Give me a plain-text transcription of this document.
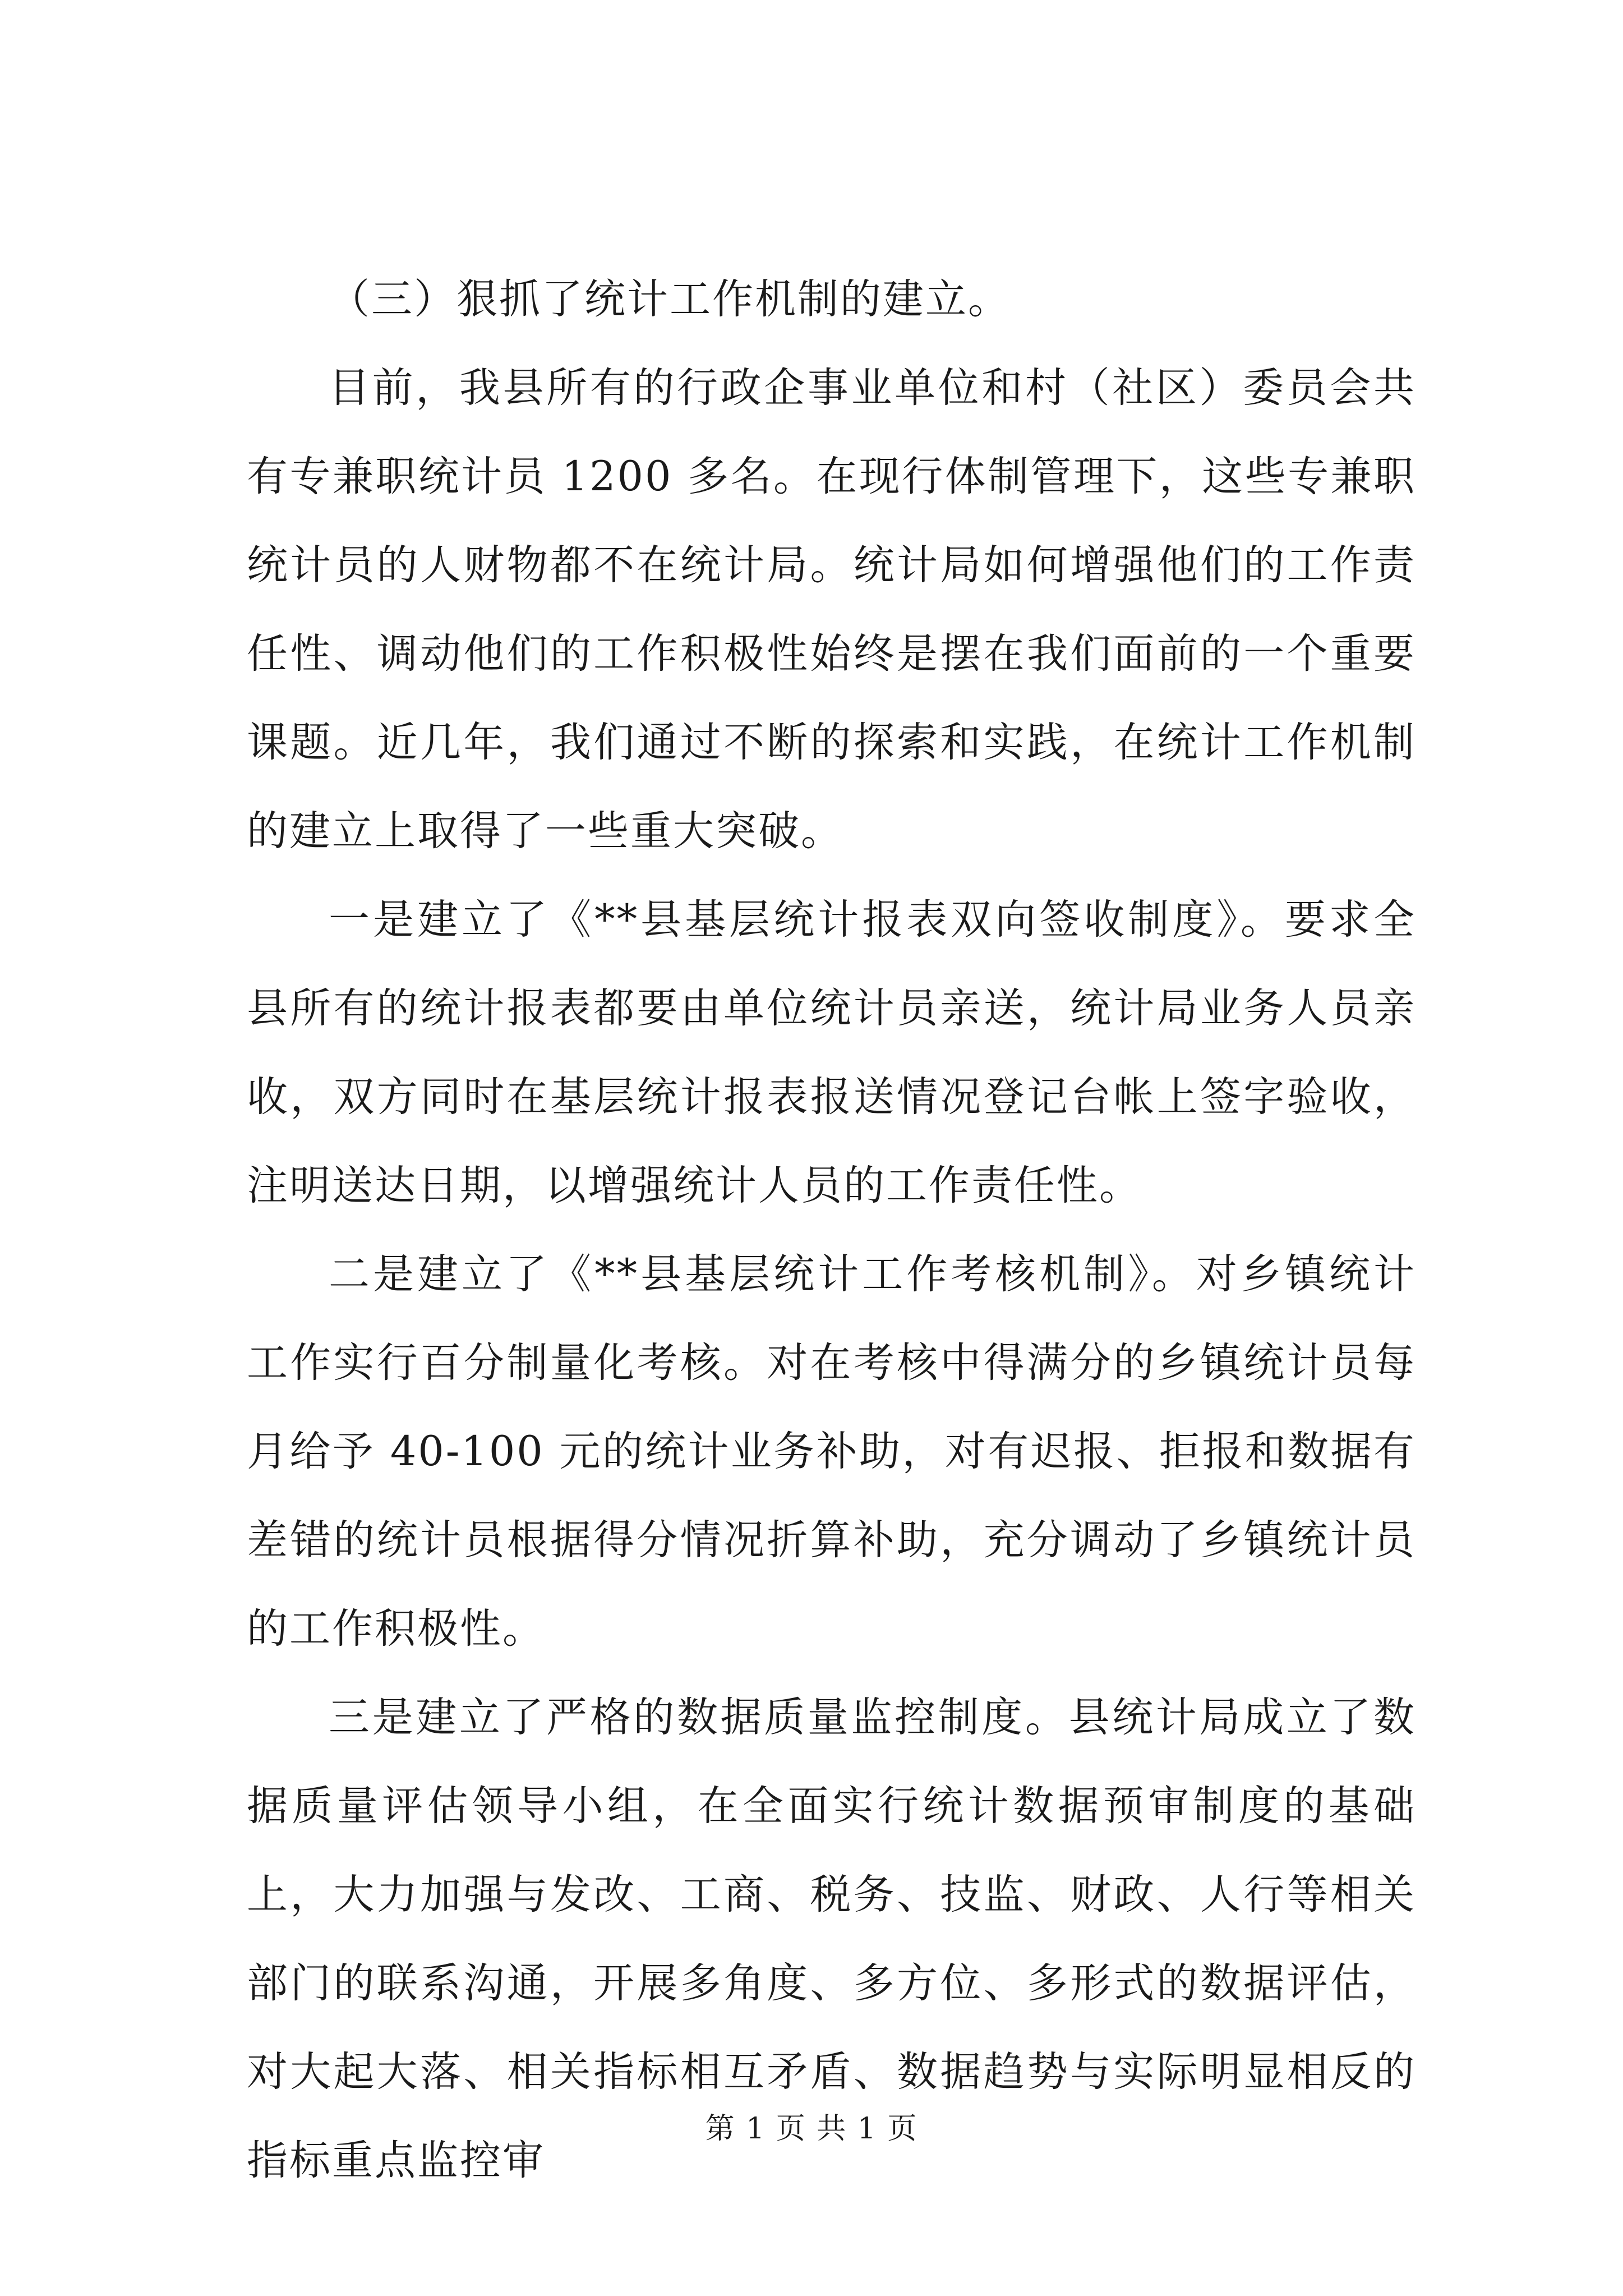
（三）狠抓了统计工作机制的建立。

目前，我县所有的行政企事业单位和村（社区）委员会共有专兼职统计员 1200 多名。在现行体制管理下，这些专兼职统计员的人财物都不在统计局。统计局如何增强他们的工作责任性、调动他们的工作积极性始终是摆在我们面前的一个重要课题。近几年，我们通过不断的探索和实践，在统计工作机制的建立上取得了一些重大突破。

一是建立了《**县基层统计报表双向签收制度》。要求全县所有的统计报表都要由单位统计员亲送，统计局业务人员亲收，双方同时在基层统计报表报送情况登记台帐上签字验收，注明送达日期，以增强统计人员的工作责任性。

二是建立了《**县基层统计工作考核机制》。对乡镇统计工作实行百分制量化考核。对在考核中得满分的乡镇统计员每月给予 40-100 元的统计业务补助，对有迟报、拒报和数据有差错的统计员根据得分情况折算补助，充分调动了乡镇统计员的工作积极性。

三是建立了严格的数据质量监控制度。县统计局成立了数据质量评估领导小组，在全面实行统计数据预审制度的基础上，大力加强与发改、工商、税务、技监、财政、人行等相关部门的联系沟通，开展多角度、多方位、多形式的数据评估，对大起大落、相关指标相互矛盾、数据趋势与实际明显相反的指标重点监控审

第 1 页 共 1 页
